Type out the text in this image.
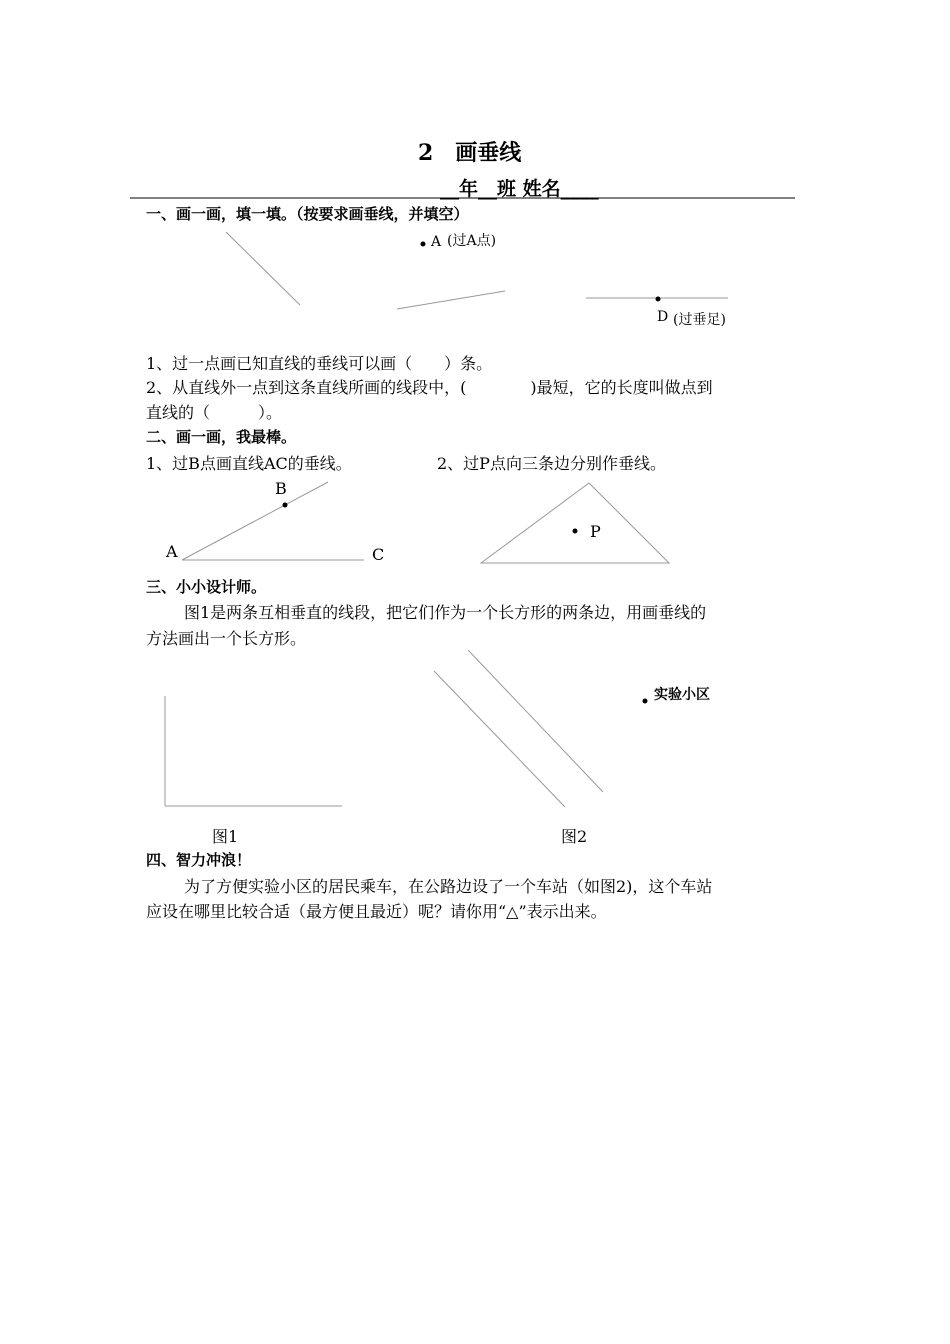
2　画垂线
__年__班 姓名____
一、画一画，填一填。（按要求画垂线，并填空）
A (过A点)
D (过垂足)
1、过一点画已知直线的垂线可以画（　　）条。
2、从直线外一点到这条直线所画的线段中，(　　　　)最短，它的长度叫做点到
直线的（　　　）。
二、画一画，我最棒。
1、过B点画直线AC的垂线。	2、过P点向三条边分别作垂线。
B
A	C
P
三、小小设计师。
图1是两条互相垂直的线段，把它们作为一个长方形的两条边，用画垂线的
方法画出一个长方形。
实验小区
图1	图2
四、智力冲浪！
为了方便实验小区的居民乘车，在公路边设了一个车站（如图2)，这个车站
应设在哪里比较合适（最方便且最近）呢？请你用“△”表示出来。
